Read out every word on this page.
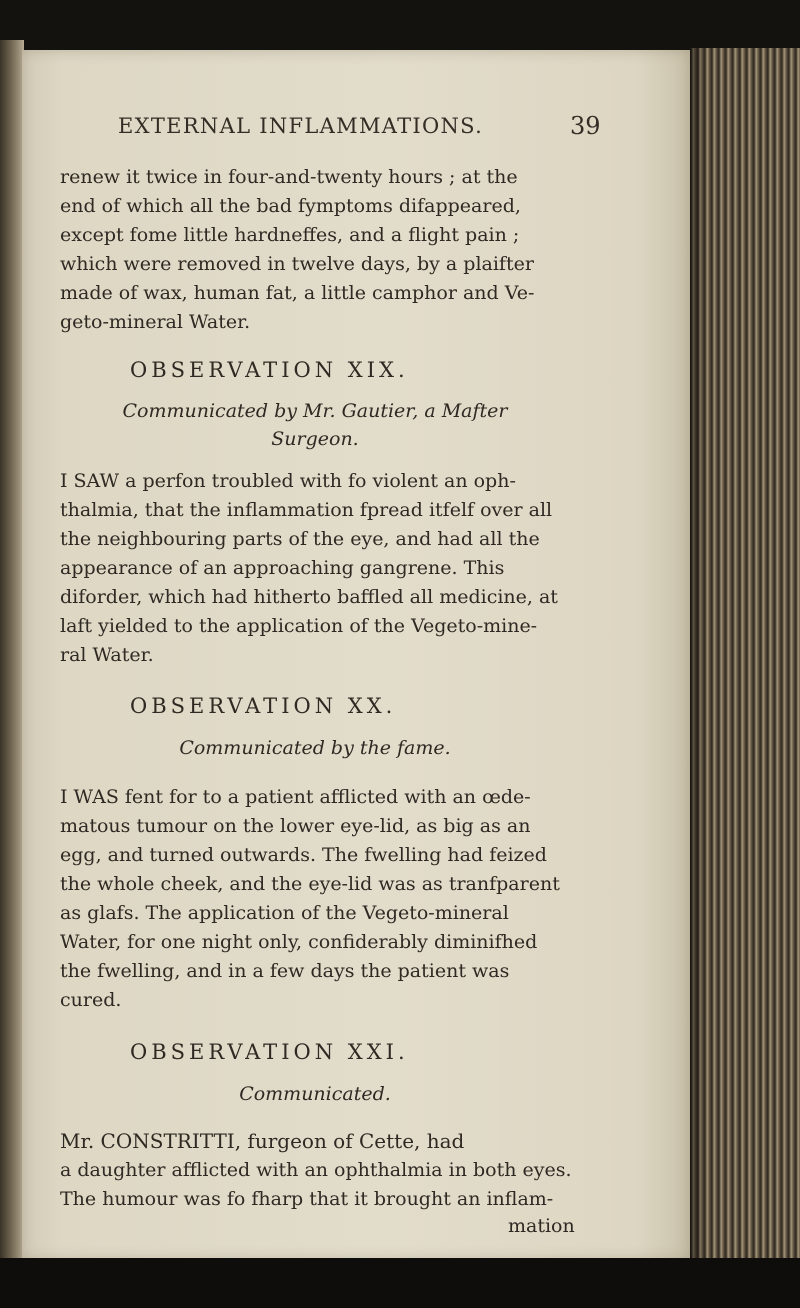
EXTERNAL INFLAMMATIONS.	39
renew it twice in four-and-twenty hours ; at the
end of which all the bad fymptoms difappeared,
except fome little hardneffes, and a flight pain ;
which were removed in twelve days, by a plaifter
made of wax, human fat, a little camphor and Ve-
geto-mineral Water.
OBSERVATION XIX.
Communicated by Mr. Gautier, a Mafter
Surgeon.
I SAW a perfon troubled with fo violent an oph-
thalmia, that the inflammation fpread itfelf over all
the neighbouring parts of the eye, and had all the
appearance of an approaching gangrene. This
diforder, which had hitherto baffled all medicine, at
laft yielded to the application of the Vegeto-mine-
ral Water.
OBSERVATION XX.
Communicated by the fame.
I WAS fent for to a patient afflicted with an œde-
matous tumour on the lower eye-lid, as big as an
egg, and turned outwards. The fwelling had feized
the whole cheek, and the eye-lid was as tranfparent
as glafs. The application of the Vegeto-mineral
Water, for one night only, confiderably diminifhed
the fwelling, and in a few days the patient was
cured.
OBSERVATION XXI.
Communicated.
Mr. CONSTRITTI, furgeon of Cette, had
a daughter afflicted with an ophthalmia in both eyes.
The humour was fo fharp that it brought an inflam-
mation
